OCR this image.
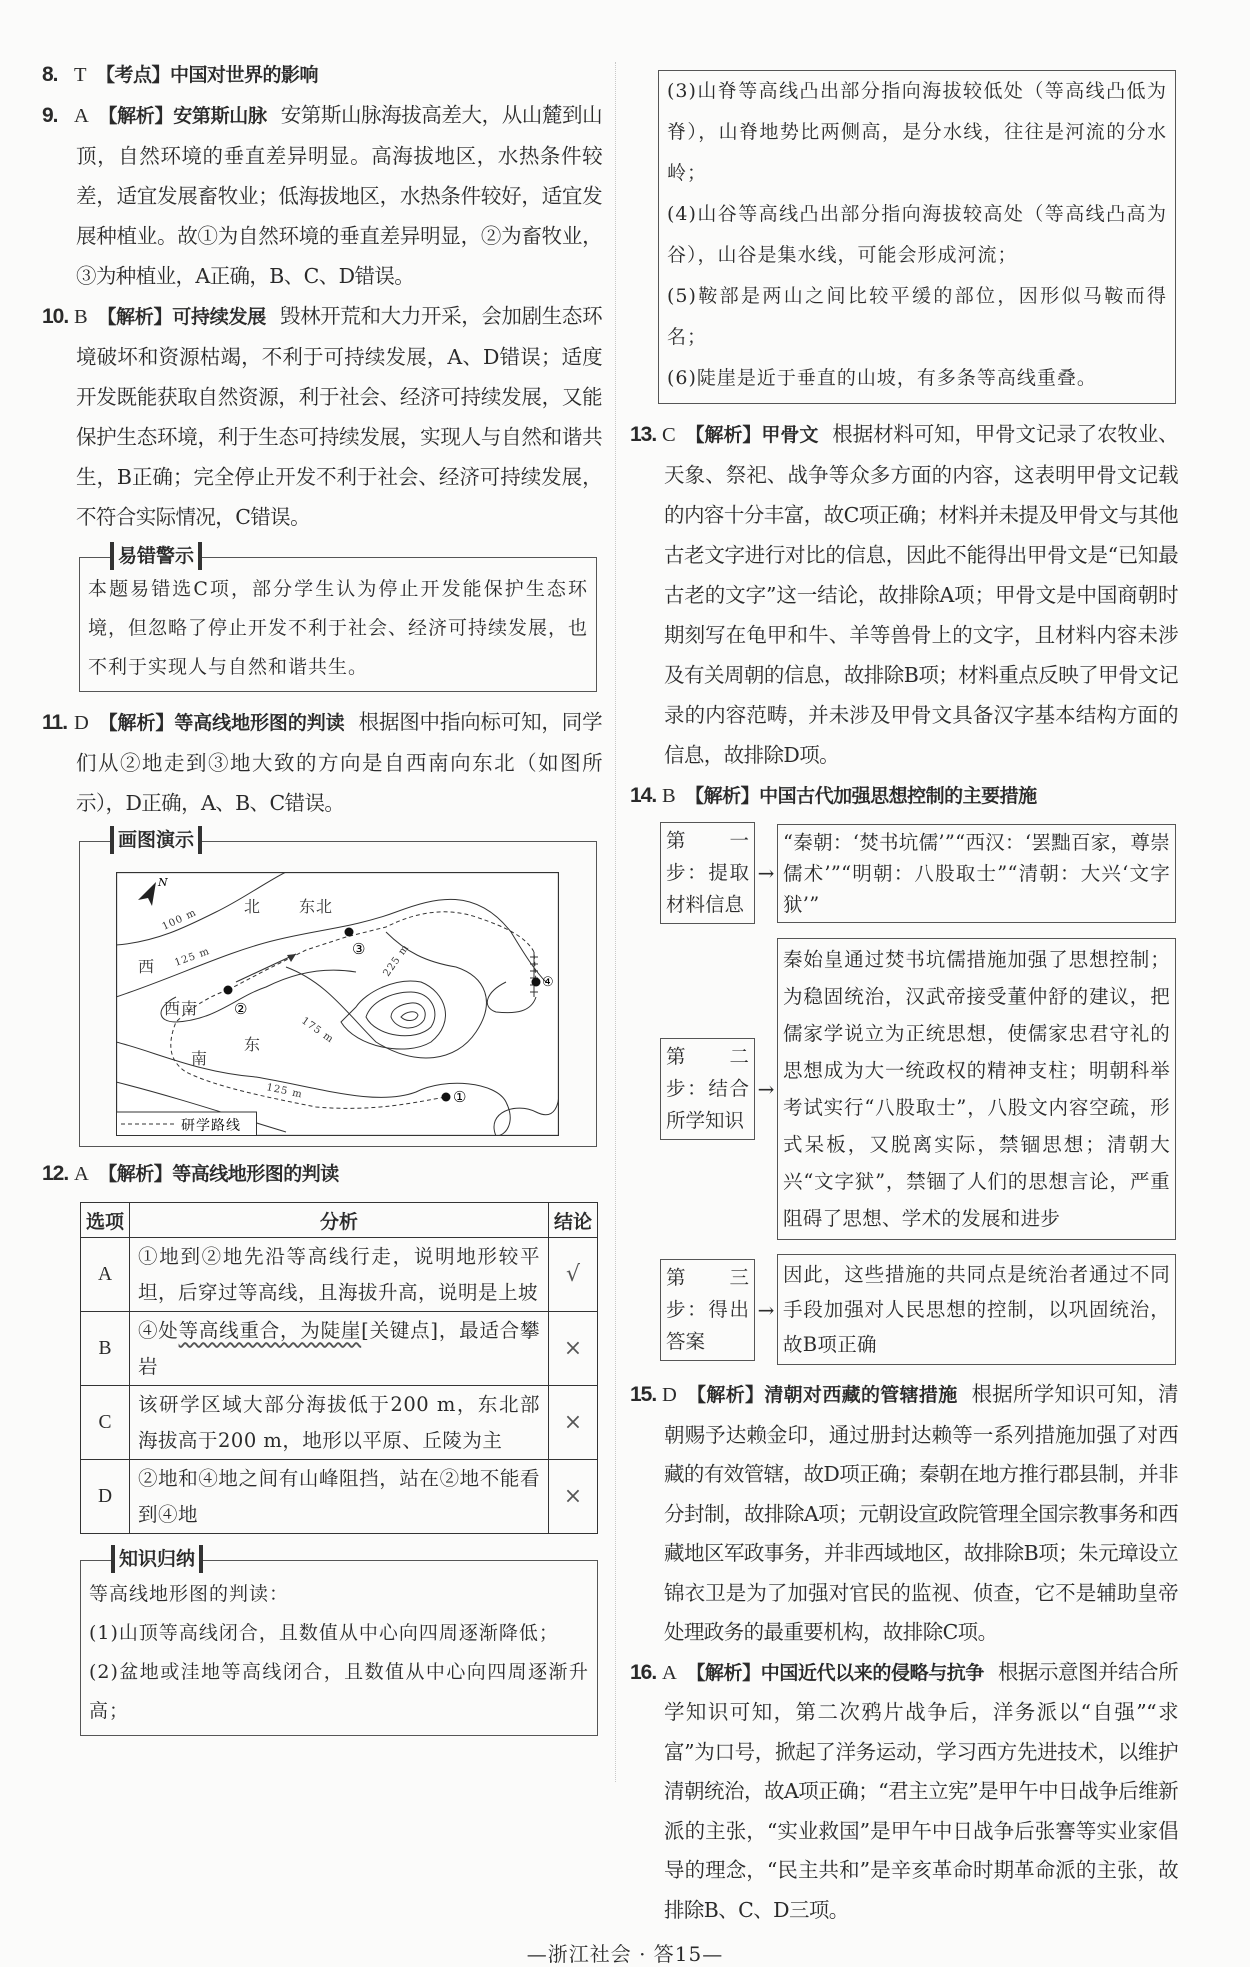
8. T 【考点】中国对世界的影响
9. A 【解析】安第斯山脉 安第斯山脉海拔高差大，从山麓到山顶，自然环境的垂直差异明显。高海拔地区，水热条件较差，适宜发展畜牧业；低海拔地区，水热条件较好，适宜发展种植业。故①为自然环境的垂直差异明显，②为畜牧业，③为种植业，A正确，B、C、D错误。
10. B 【解析】可持续发展 毁林开荒和大力开采，会加剧生态环境破坏和资源枯竭，不利于可持续发展，A、D错误；适度开发既能获取自然资源，利于社会、经济可持续发展，又能保护生态环境，利于生态可持续发展，实现人与自然和谐共生，B正确；完全停止开发不利于社会、经济可持续发展，不符合实际情况，C错误。
易错警示
本题易错选C项，部分学生认为停止开发能保护生态环境，但忽略了停止开发不利于社会、经济可持续发展，也不利于实现人与自然和谐共生。
11. D 【解析】等高线地形图的判读 根据图中指向标可知，同学们从②地走到③地大致的方向是自西南向东北（如图所示），D正确，A、B、C错误。
画图演示
N
②
③
④
①
北 东北
西
西南
东
南
100 m
125 m	225 m
175 m
125 m
研学路线
12. A 【解析】等高线地形图的判读
选项	分析	结论
A	①地到②地先沿等高线行走，说明地形较平坦，后穿过等高线，且海拔升高，说明是上坡	√
B	④处等高线重合，为陡崖[关键点]，最适合攀岩	×
C	该研学区域大部分海拔低于200 m，东北部海拔高于200 m，地形以平原、丘陵为主	×
D	②地和④地之间有山峰阻挡，站在②地不能看到④地	×
知识归纳
等高线地形图的判读：
(1)山顶等高线闭合，且数值从中心向四周逐渐降低；
(2)盆地或洼地等高线闭合，且数值从中心向四周逐渐升高；
(3)山脊等高线凸出部分指向海拔较低处（等高线凸低为脊），山脊地势比两侧高，是分水线，往往是河流的分水岭；
(4)山谷等高线凸出部分指向海拔较高处（等高线凸高为谷），山谷是集水线，可能会形成河流；
(5)鞍部是两山之间比较平缓的部位，因形似马鞍而得名；
(6)陡崖是近于垂直的山坡，有多条等高线重叠。
13. C 【解析】甲骨文 根据材料可知，甲骨文记录了农牧业、天象、祭祀、战争等众多方面的内容，这表明甲骨文记载的内容十分丰富，故C项正确；材料并未提及甲骨文与其他古老文字进行对比的信息，因此不能得出甲骨文是“已知最古老的文字”这一结论，故排除A项；甲骨文是中国商朝时期刻写在龟甲和牛、羊等兽骨上的文字，且材料内容未涉及有关周朝的信息，故排除B项；材料重点反映了甲骨文记录的内容范畴，并未涉及甲骨文具备汉字基本结构方面的信息，故排除D项。
14. B 【解析】中国古代加强思想控制的主要措施
第　一　步：提取材料信息
→
“秦朝：‘焚书坑儒’”“西汉：‘罢黜百家，尊崇儒术’”“明朝：八股取士”“清朝：大兴‘文字狱’”
第　二　步：结合所学知识
→
秦始皇通过焚书坑儒措施加强了思想控制；为稳固统治，汉武帝接受董仲舒的建议，把儒家学说立为正统思想，使儒家忠君守礼的思想成为大一统政权的精神支柱；明朝科举考试实行“八股取士”，八股文内容空疏，形式呆板，又脱离实际，禁锢思想；清朝大兴“文字狱”，禁锢了人们的思想言论，严重阻碍了思想、学术的发展和进步
第　三　步：得出答案
→
因此，这些措施的共同点是统治者通过不同手段加强对人民思想的控制，以巩固统治，故B项正确
15. D 【解析】清朝对西藏的管辖措施 根据所学知识可知，清朝赐予达赖金印，通过册封达赖等一系列措施加强了对西藏的有效管辖，故D项正确；秦朝在地方推行郡县制，并非分封制，故排除A项；元朝设宣政院管理全国宗教事务和西藏地区军政事务，并非西域地区，故排除B项；朱元璋设立锦衣卫是为了加强对官民的监视、侦查，它不是辅助皇帝处理政务的最重要机构，故排除C项。
16. A 【解析】中国近代以来的侵略与抗争 根据示意图并结合所学知识可知，第二次鸦片战争后，洋务派以“自强”“求富”为口号，掀起了洋务运动，学习西方先进技术，以维护清朝统治，故A项正确；“君主立宪”是甲午中日战争后维新派的主张，“实业救国”是甲午中日战争后张謇等实业家倡导的理念，“民主共和”是辛亥革命时期革命派的主张，故排除B、C、D三项。
—浙江社会 · 答15—
